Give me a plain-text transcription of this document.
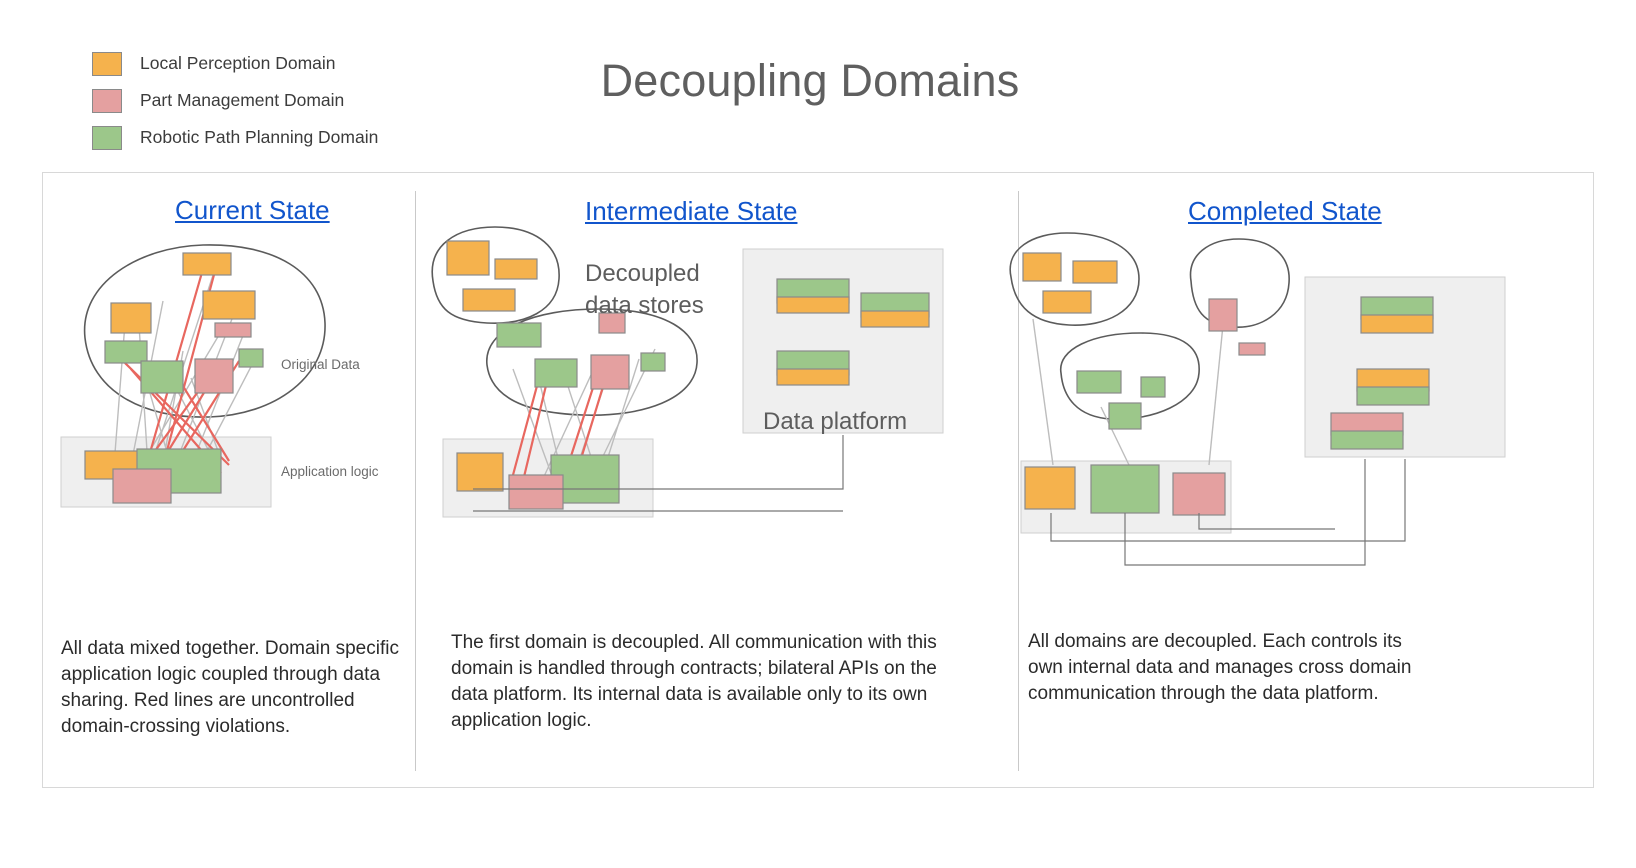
Local Perception Domain
Part Management Domain
Robotic Path Planning Domain
Decoupling Domains
Current State	Intermediate State	Completed State
Original Data
Application logic
Decoupled
data stores
Data platform
All data mixed together. Domain specific application logic coupled through data sharing. Red lines are uncontrolled domain-crossing violations.
The first domain is decoupled. All communication with this domain is handled through contracts; bilateral APIs on the data platform. Its internal data is available only to its own application logic.
All domains are decoupled. Each controls its own internal data and manages cross domain communication through the data platform.
